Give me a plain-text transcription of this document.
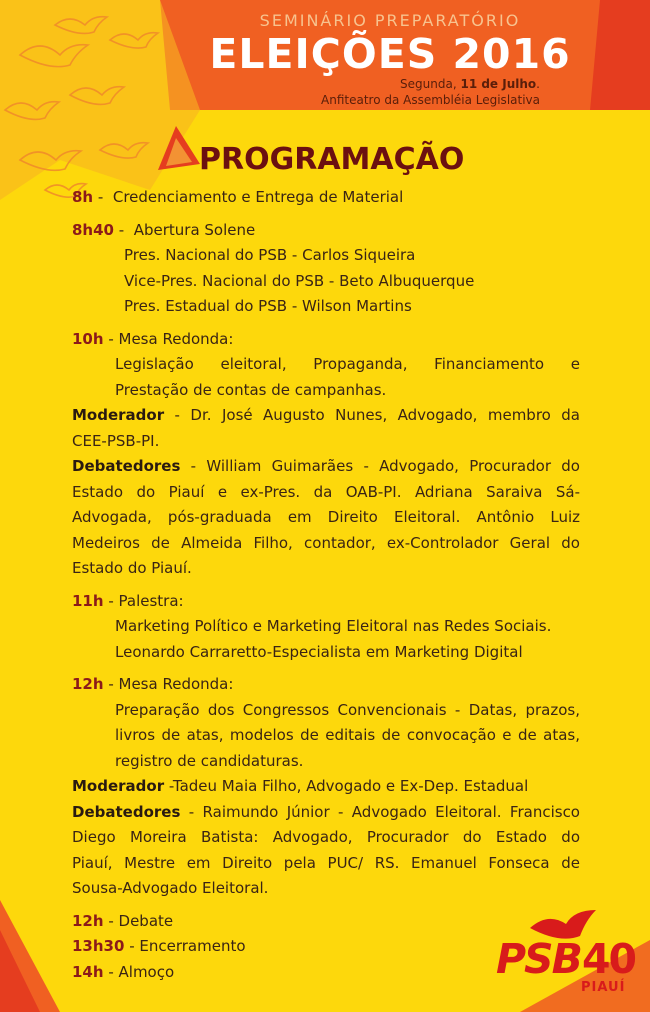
SEMINÁRIO PREPARATÓRIO
ELEIÇÕES 2016
Segunda, 11 de Julho.
Anfiteatro da Assembléia Legislativa
PROGRAMAÇÃO
8h -  Credenciamento e Entrega de Material
8h40 -  Abertura Solene
Pres. Nacional do PSB - Carlos Siqueira
Vice-Pres. Nacional do PSB - Beto Albuquerque
Pres. Estadual do PSB - Wilson Martins
10h - Mesa Redonda:
Legislação eleitoral, Propaganda, Financiamento e
Prestação de contas de campanhas.
Moderador - Dr. José Augusto Nunes, Advogado, membro da
CEE-PSB-PI.
Debatedores - William Guimarães - Advogado, Procurador do
Estado do Piauí e ex-Pres. da OAB-PI. Adriana Saraiva Sá-
Advogada, pós-graduada em Direito Eleitoral. Antônio Luiz
Medeiros de Almeida Filho, contador, ex-Controlador Geral do
Estado do Piauí.
11h - Palestra:
Marketing Político e Marketing Eleitoral nas Redes Sociais.
Leonardo Carraretto-Especialista em Marketing Digital
12h - Mesa Redonda:
Preparação dos Congressos Convencionais - Datas, prazos,
livros de atas, modelos de editais de convocação e de atas,
registro de candidaturas.
Moderador -Tadeu Maia Filho, Advogado e Ex-Dep. Estadual
Debatedores - Raimundo Júnior - Advogado Eleitoral. Francisco
Diego Moreira Batista: Advogado, Procurador do Estado do
Piauí, Mestre em Direito pela PUC/ RS. Emanuel Fonseca de
Sousa-Advogado Eleitoral.
12h - Debate
13h30 - Encerramento
14h - Almoço	PSB 40
PIAUÍ
